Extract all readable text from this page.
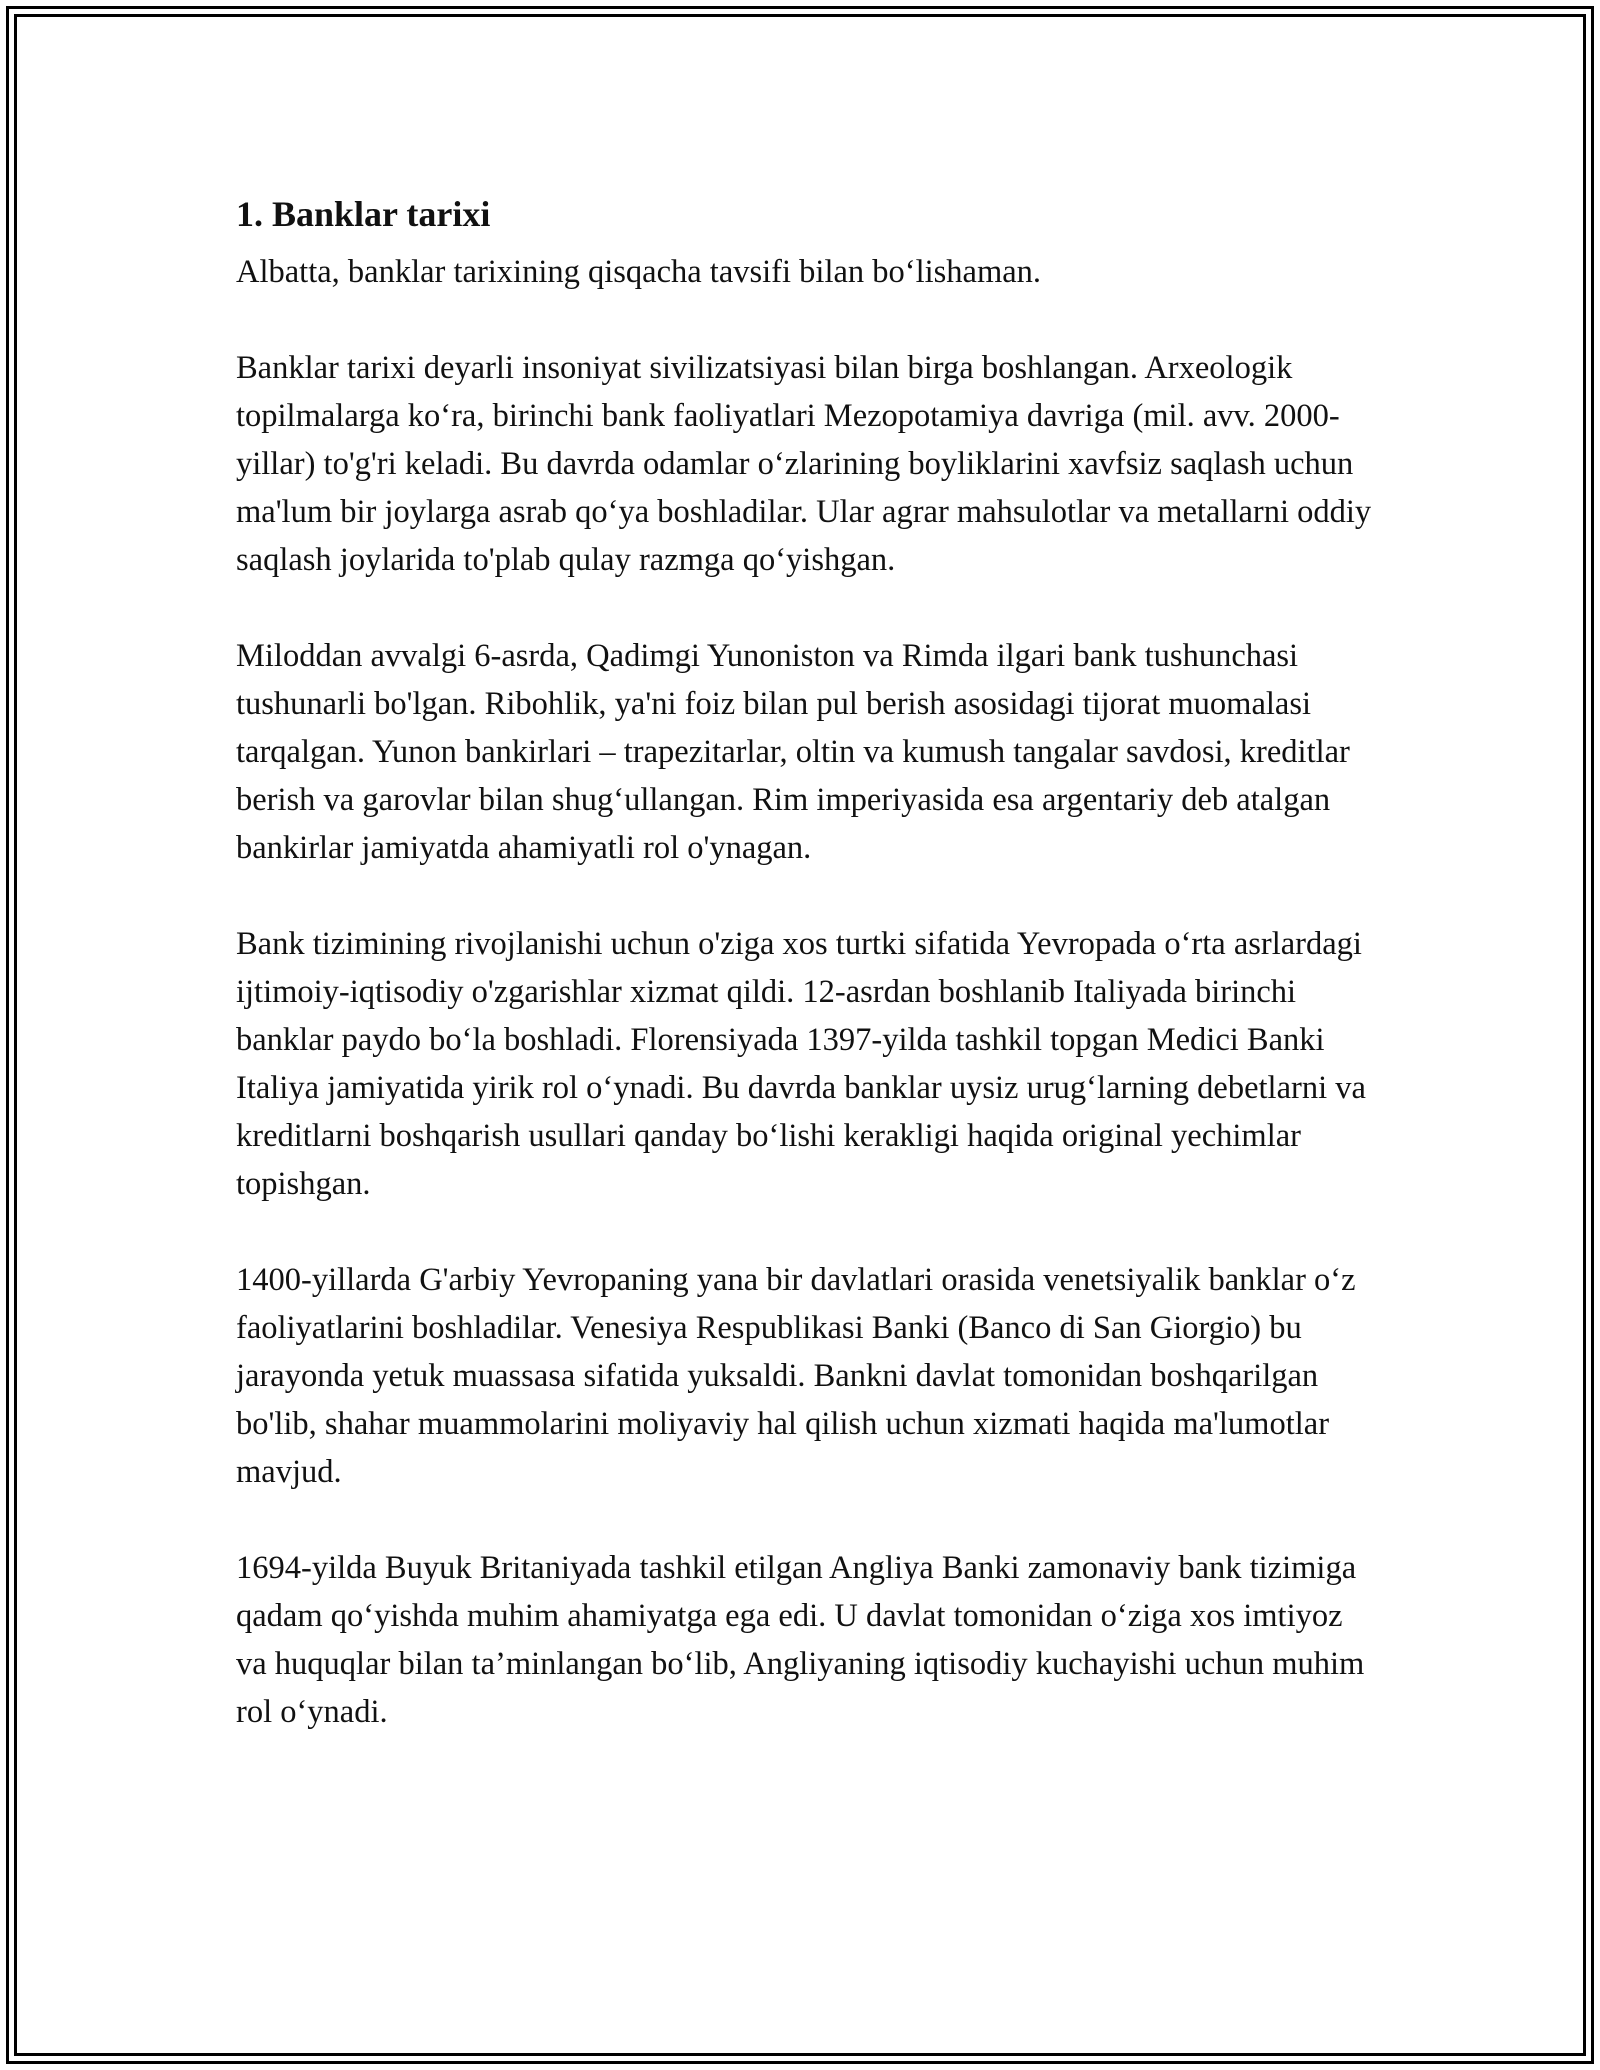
1. Banklar tarixi

Albatta, banklar tarixining qisqacha tavsifi bilan bo‘lishaman.

Banklar tarixi deyarli insoniyat sivilizatsiyasi bilan birga boshlangan. Arxeologik topilmalarga ko‘ra, birinchi bank faoliyatlari Mezopotamiya davriga (mil. avv. 2000-yillar) to'g'ri keladi. Bu davrda odamlar o‘zlarining boyliklarini xavfsiz saqlash uchun ma'lum bir joylarga asrab qo‘ya boshladilar. Ular agrar mahsulotlar va metallarni oddiy saqlash joylarida to'plab qulay razmga qo‘yishgan.

Miloddan avvalgi 6-asrda, Qadimgi Yunoniston va Rimda ilgari bank tushunchasi tushunarli bo'lgan. Ribohlik, ya'ni foiz bilan pul berish asosidagi tijorat muomalasi tarqalgan. Yunon bankirlari – trapezitarlar, oltin va kumush tangalar savdosi, kreditlar berish va garovlar bilan shug‘ullangan. Rim imperiyasida esa argentariy deb atalgan bankirlar jamiyatda ahamiyatli rol o'ynagan.

Bank tizimining rivojlanishi uchun o'ziga xos turtki sifatida Yevropada o‘rta asrlardagi ijtimoiy-iqtisodiy o'zgarishlar xizmat qildi. 12-asrdan boshlanib Italiyada birinchi banklar paydo bo‘la boshladi. Florensiyada 1397-yilda tashkil topgan Medici Banki Italiya jamiyatida yirik rol o‘ynadi. Bu davrda banklar uysiz urug‘larning debetlarni va kreditlarni boshqarish usullari qanday bo‘lishi kerakligi haqida original yechimlar topishgan.

1400-yillarda G'arbiy Yevropaning yana bir davlatlari orasida venetsiyalik banklar o‘z faoliyatlarini boshladilar. Venesiya Respublikasi Banki (Banco di San Giorgio) bu jarayonda yetuk muassasa sifatida yuksaldi. Bankni davlat tomonidan boshqarilgan bo'lib, shahar muammolarini moliyaviy hal qilish uchun xizmati haqida ma'lumotlar mavjud.

1694-yilda Buyuk Britaniyada tashkil etilgan Angliya Banki zamonaviy bank tizimiga qadam qo‘yishda muhim ahamiyatga ega edi. U davlat tomonidan o‘ziga xos imtiyoz va huquqlar bilan ta’minlangan bo‘lib, Angliyaning iqtisodiy kuchayishi uchun muhim rol o‘ynadi.
